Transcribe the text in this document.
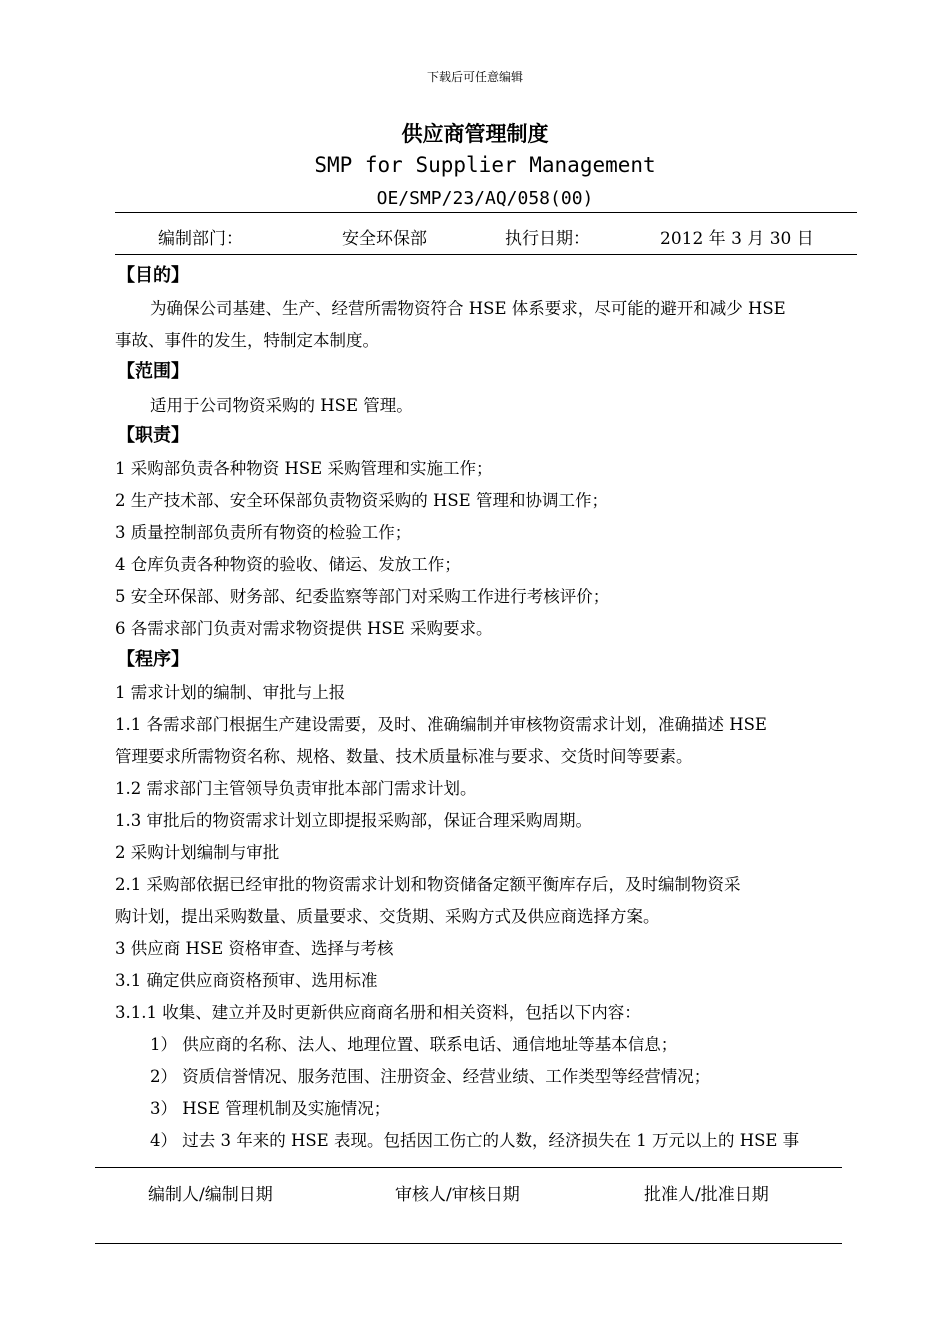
下载后可任意编辑
供应商管理制度
SMP for Supplier Management
OE/SMP/23/AQ/058(00)
编制部门：	安全环保部	执行日期：	2012 年 3 月 30 日
【目的】
为确保公司基建、生产、经营所需物资符合 HSE 体系要求，尽可能的避开和减少 HSE
事故、事件的发生，特制定本制度。
【范围】
适用于公司物资采购的 HSE 管理。
【职责】
1 采购部负责各种物资 HSE 采购管理和实施工作；
2 生产技术部、安全环保部负责物资采购的 HSE 管理和协调工作；
3 质量控制部负责所有物资的检验工作；
4 仓库负责各种物资的验收、储运、发放工作；
5 安全环保部、财务部、纪委监察等部门对采购工作进行考核评价；
6 各需求部门负责对需求物资提供 HSE 采购要求。
【程序】
1 需求计划的编制、审批与上报
1.1 各需求部门根据生产建设需要，及时、准确编制并审核物资需求计划，准确描述 HSE
管理要求所需物资名称、规格、数量、技术质量标准与要求、交货时间等要素。
1.2 需求部门主管领导负责审批本部门需求计划。
1.3 审批后的物资需求计划立即提报采购部，保证合理采购周期。
2 采购计划编制与审批
2.1 采购部依据已经审批的物资需求计划和物资储备定额平衡库存后，及时编制物资采
购计划，提出采购数量、质量要求、交货期、采购方式及供应商选择方案。
3 供应商 HSE 资格审查、选择与考核
3.1 确定供应商资格预审、选用标准
3.1.1 收集、建立并及时更新供应商商名册和相关资料，包括以下内容：
1） 供应商的名称、法人、地理位置、联系电话、通信地址等基本信息；
2） 资质信誉情况、服务范围、注册资金、经营业绩、工作类型等经营情况；
3） HSE 管理机制及实施情况；
4） 过去 3 年来的 HSE 表现。包括因工伤亡的人数，经济损失在 1 万元以上的 HSE 事
编制人/编制日期	审核人/审核日期	批准人/批准日期
